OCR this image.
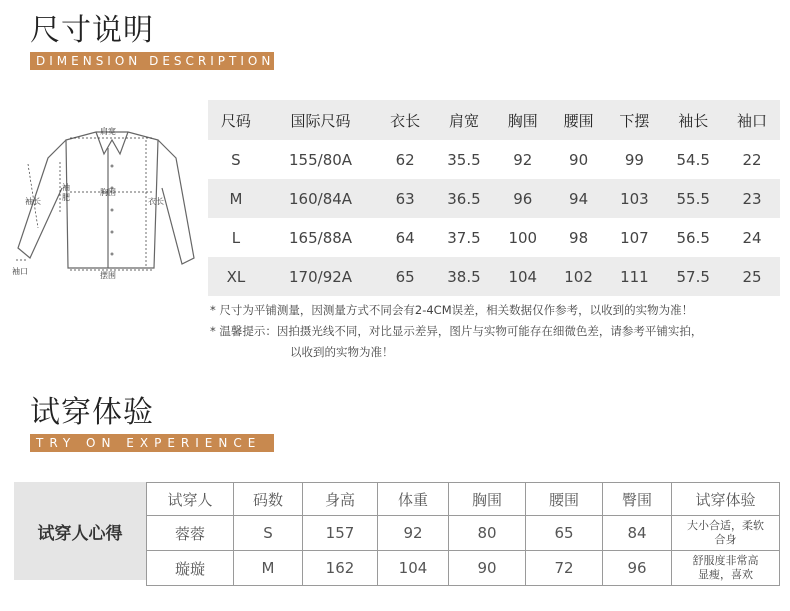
尺寸说明
DIMENSION DESCRIPTION
肩宽
袖长
袖
肥
胸围
衣长
袖口	摆围
尺码	国际尺码	衣长	肩宽	胸围	腰围	下摆	袖长	袖口
S	155/80A	62	35.5	92	90	99	54.5	22
M	160/84A	63	36.5	96	94	103	55.5	23
L	165/88A	64	37.5	100	98	107	56.5	24
XL	170/92A	65	38.5	104	102	111	57.5	25
* 尺寸为平铺测量，因测量方式不同会有2-4CM误差，相关数据仅作参考，以收到的实物为准！
* 温馨提示：因拍摄光线不同，对比显示差异，图片与实物可能存在细微色差，请参考平铺实拍，
以收到的实物为准！
试穿体验
TRY ON EXPERIENCE
试穿人心得
试穿人	码数	身高	体重	胸围	腰围	臀围	试穿体验
蓉蓉	S	157	92	80	65	84	大小合适，柔软
合身
璇璇	M	162	104	90	72	96	舒服度非常高
显瘦，喜欢
